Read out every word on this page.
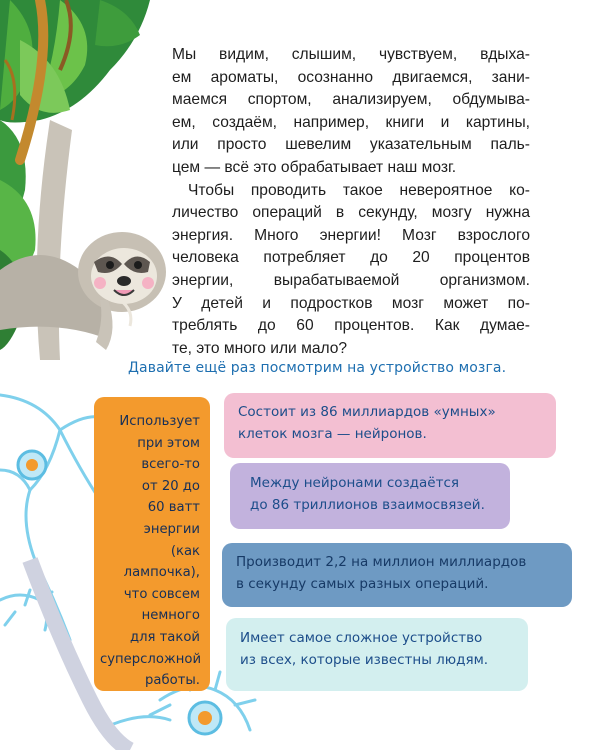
Мы видим, слышим, чувствуем, вдыха-

ем ароматы, осознанно двигаемся, зани-

маемся спортом, анализируем, обдумыва-

ем, создаём, например, книги и картины,

или просто шевелим указательным паль-

цем — всё это обрабатывает наш мозг.

Чтобы проводить такое невероятное ко-

личество операций в секунду, мозгу нужна

энергия. Много энергии! Мозг взрослого

человека потребляет до 20 процентов

энергии, вырабатываемой организмом.

У детей и подростков мозг может по-

треблять до 60 процентов. Как думае-

те, это много или мало?

Давайте ещё раз посмотрим на устройство мозга.
Использует
при этом
всего-то
от 20 до
60 ватт
энергии
(как лампочка),
что совсем
немного
для такой
суперсложной
работы.
Состоит из 86 миллиардов «умных»
клеток мозга — нейронов.
Между нейронами создаётся
до 86 триллионов взаимосвязей.
Производит 2,2 на миллион миллиардов
в секунду самых разных операций.
Имеет самое сложное устройство
из всех, которые известны людям.
